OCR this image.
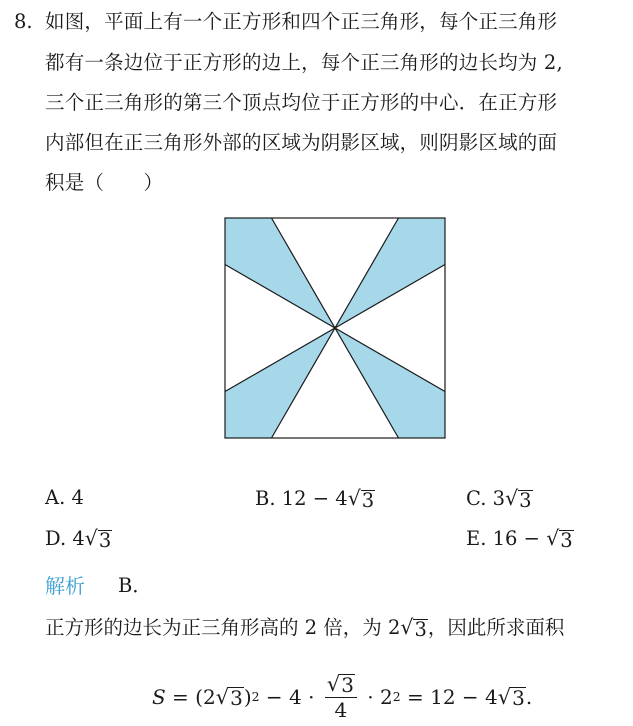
8. 如图，平面上有一个正方形和四个正三角形，每个正三角形
都有一条边位于正方形的边上，每个正三角形的边长均为 2,
三个正三角形的第三个顶点均位于正方形的中心．在正方形
内部但在正三角形外部的区域为阴影区域，则阴影区域的面
积是（　　）
A. 4	B. 12 − 4 √ 3	C. 3 √ 3
D. 4 √ 3	E. 16 − √ 3
解析 B．
正方形的边长为正三角形高的 2 倍，为 2 √ 3 ，因此所求面积
S = (2 √ 3 ) $2 - 4 \cdot \frac{√ 3}{4} \cdot 2$ 2 = 12 − 4 √ 3 .
